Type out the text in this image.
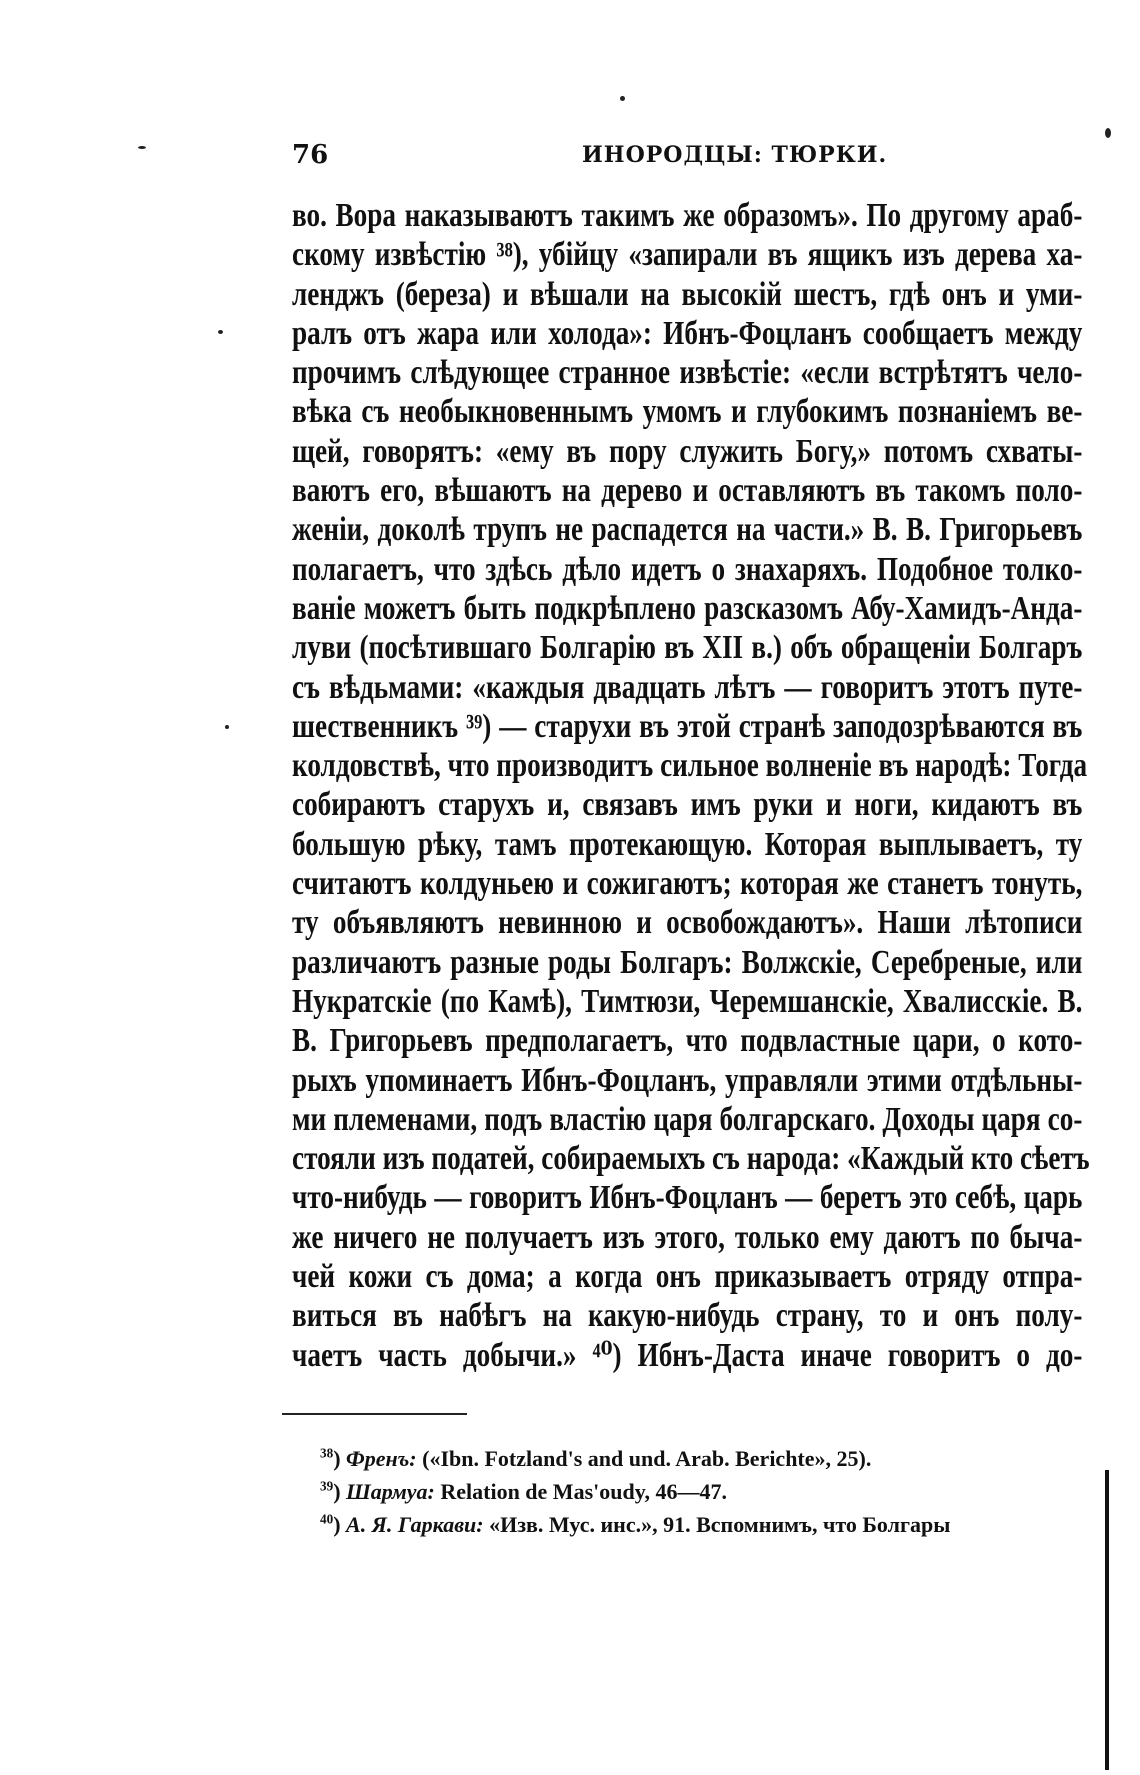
76	ИНОРОДЦЫ: ТЮРКИ.
во. Вора наказываютъ такимъ же образомъ». По другому араб-
скому извѣстію ³⁸), убійцу «запирали въ ящикъ изъ дерева ха-
ленджъ (береза) и вѣшали на высокій шестъ, гдѣ онъ и уми-
ралъ отъ жара или холода»: Ибнъ-Фоцланъ сообщаетъ между
прочимъ слѣдующее странное извѣстіе: «если встрѣтятъ чело-
вѣка съ необыкновеннымъ умомъ и глубокимъ познаніемъ ве-
щей, говорятъ: «ему въ пору служить Богу,» потомъ схваты-
ваютъ его, вѣшаютъ на дерево и оставляютъ въ такомъ поло-
женіи, доколѣ трупъ не распадется на части.» В. В. Григорьевъ
полагаетъ, что здѣсь дѣло идетъ о знахаряхъ. Подобное толко-
ваніе можетъ быть подкрѣплено разсказомъ Абу-Хамидъ-Анда-
луви (посѣтившаго Болгарію въ XII в.) объ обращеніи Болгаръ
съ вѣдьмами: «каждыя двадцать лѣтъ — говоритъ этотъ путе-
шественникъ ³⁹) — старухи въ этой странѣ заподозрѣваются въ
колдовствѣ, что производитъ сильное волненіе въ народѣ: Тогда
собираютъ старухъ и, связавъ имъ руки и ноги, кидаютъ въ
большую рѣку, тамъ протекающую. Которая выплываетъ, ту
считаютъ колдуньею и сожигаютъ; которая же станетъ тонуть,
ту объявляютъ невинною и освобождаютъ». Наши лѣтописи
различаютъ разные роды Болгаръ: Волжскіе, Серебреные, или
Нукратскіе (по Камѣ), Тимтюзи, Черемшанскіе, Хвалисскіе. В.
В. Григорьевъ предполагаетъ, что подвластные цари, о кото-
рыхъ упоминаетъ Ибнъ-Фоцланъ, управляли этими отдѣльны-
ми племенами, подъ властію царя болгарскаго. Доходы царя со-
стояли изъ податей, собираемыхъ съ народа: «Каждый кто сѣетъ
что-нибудь — говоритъ Ибнъ-Фоцланъ — беретъ это себѣ, царь
же ничего не получаетъ изъ этого, только ему даютъ по быча-
чей кожи съ дома; а когда онъ приказываетъ отряду отпра-
виться въ набѣгъ на какую-нибудь страну, то и онъ полу-
чаетъ часть добычи.» ⁴⁰) Ибнъ-Даста иначе говоритъ о до-
$^{38}$) Френъ: («Ibn. Fotzland's and und. Arab. Berichte», 25).
$^{39}$) Шармуа: Relation de Mas'oudy, 46—47.
$^{40}$) А. Я. Гаркави: «Изв. Мус. инс.», 91. Вспомнимъ, что Болгары
